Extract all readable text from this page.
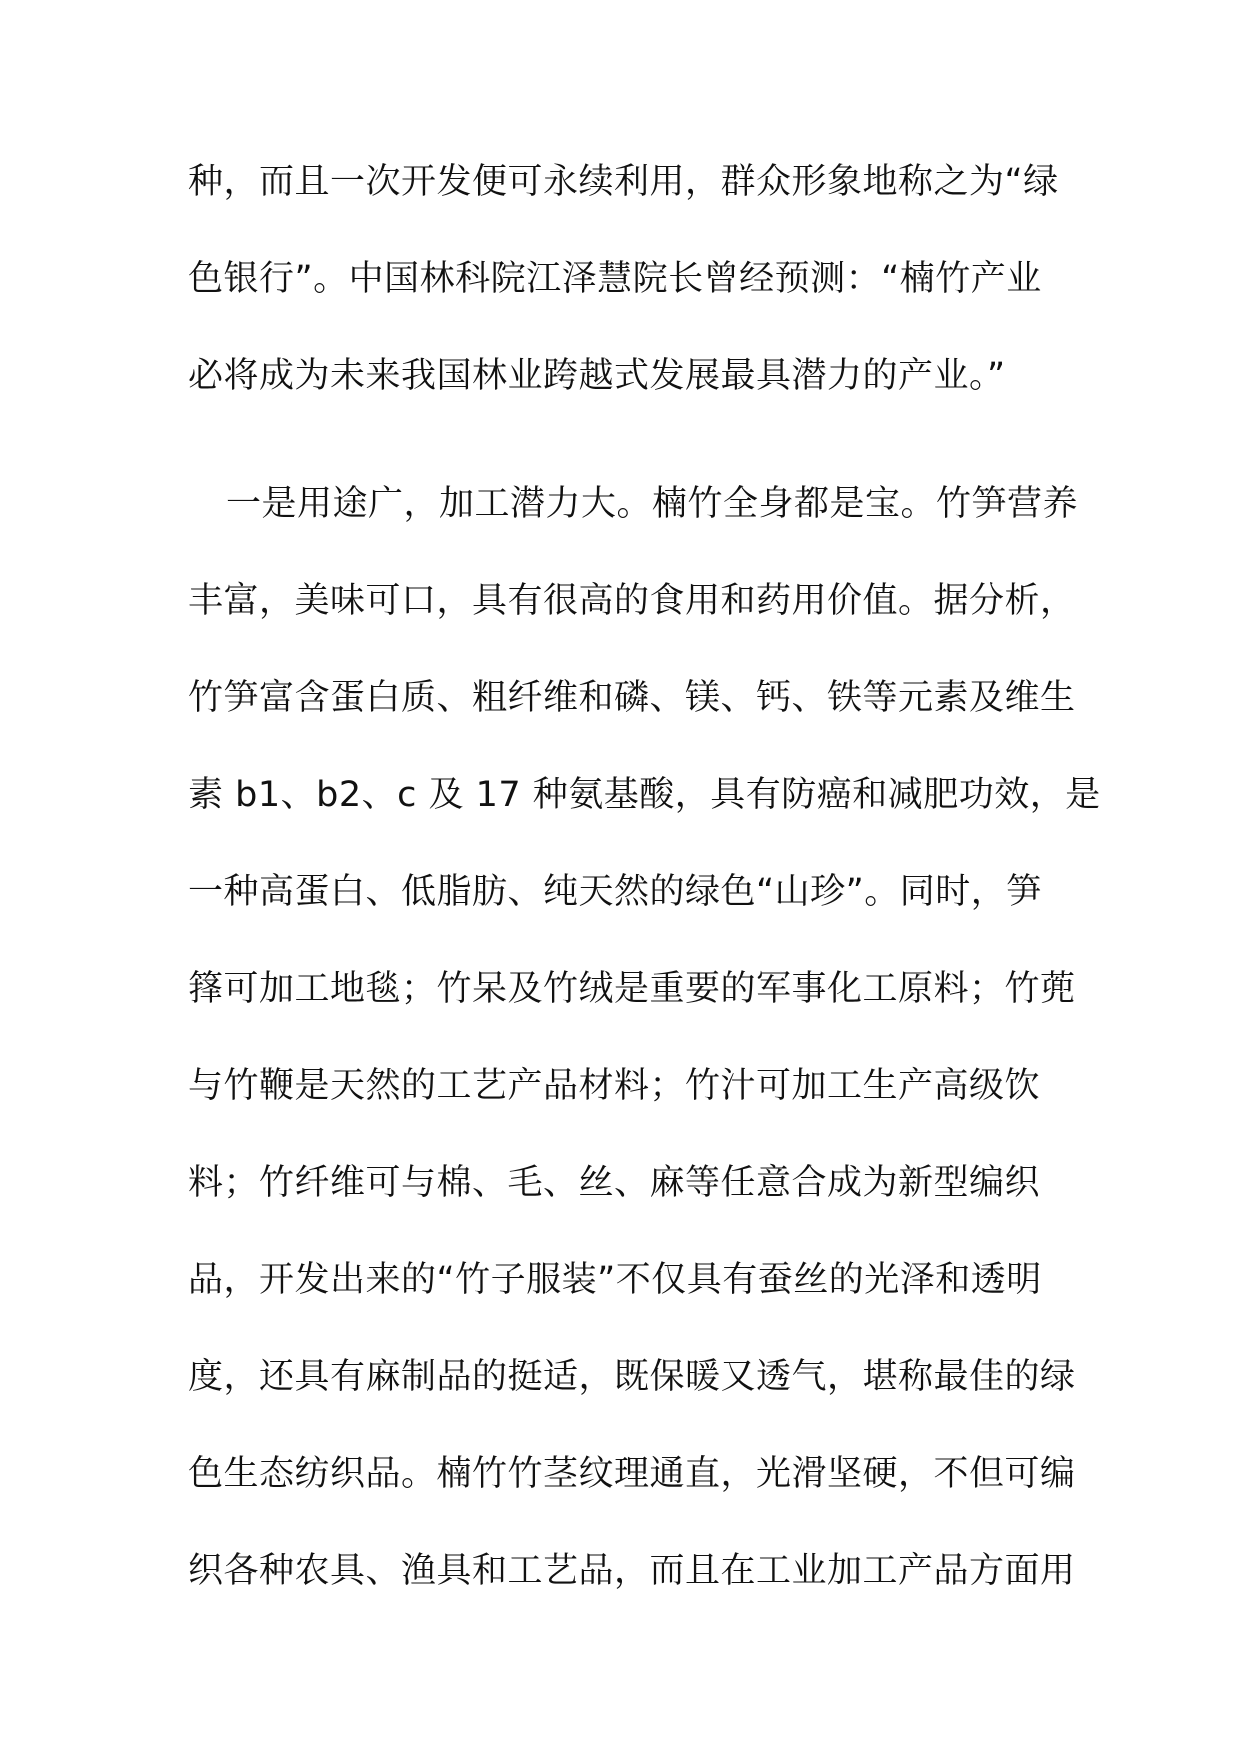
种，而且一次开发便可永续利用，群众形象地称之为“绿
色银行”。中国林科院江泽慧院长曾经预测：“楠竹产业
必将成为未来我国林业跨越式发展最具潜力的产业。”
一是用途广，加工潜力大。楠竹全身都是宝。竹笋营养
丰富，美味可口，具有很高的食用和药用价值。据分析，
竹笋富含蛋白质、粗纤维和磷、镁、钙、铁等元素及维生
素 b1、b2、c 及 17 种氨基酸，具有防癌和减肥功效，是
一种高蛋白、低脂肪、纯天然的绿色“山珍”。同时，笋
箨可加工地毯；竹呆及竹绒是重要的军事化工原料；竹蔸
与竹鞭是天然的工艺产品材料；竹汁可加工生产高级饮
料；竹纤维可与棉、毛、丝、麻等任意合成为新型编织
品，开发出来的“竹子服装”不仅具有蚕丝的光泽和透明
度，还具有麻制品的挺适，既保暖又透气，堪称最佳的绿
色生态纺织品。楠竹竹茎纹理通直，光滑坚硬，不但可编
织各种农具、渔具和工艺品，而且在工业加工产品方面用
